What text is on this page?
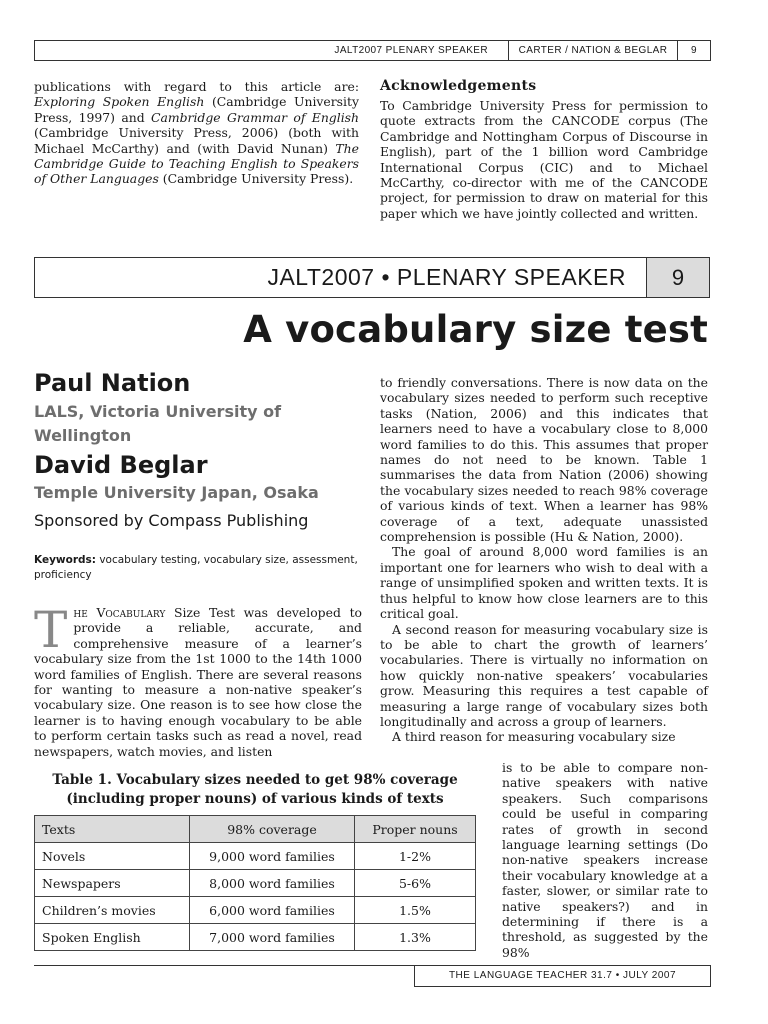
JALT2007 PLENARY SPEAKER	CARTER / NATION & BEGLAR	9

publications with regard to this article are: Exploring Spoken English (Cambridge University Press, 1997) and Cambridge Grammar of English (Cambridge University Press, 2006) (both with Michael McCarthy) and (with David Nunan) The Cambridge Guide to Teaching English to Speakers of Other Languages (Cambridge University Press).

Acknowledgements

To Cambridge University Press for permission to quote extracts from the CANCODE corpus (The Cambridge and Nottingham Corpus of Discourse in English), part of the 1 billion word Cambridge International Corpus (CIC) and to Michael McCarthy, co-director with me of the CANCODE project, for permission to draw on material for this paper which we have jointly collected and written.

JALT2007 • PLENARY SPEAKER	9
A vocabulary size test
Paul Nation
LALS, Victoria University of Wellington
David Beglar
Temple University Japan, Osaka
Sponsored by Compass Publishing
Keywords: vocabulary testing, vocabulary size, assessment, proficiency

The Vocabulary Size Test was developed to provide a reliable, accurate, and comprehensive measure of a learner’s vocabulary size from the 1st 1000 to the 14th 1000 word families of English. There are several reasons for wanting to measure a non-native speaker’s vocabulary size. One reason is to see how close the learner is to having enough vocabulary to be able to perform certain tasks such as read a novel, read newspapers, watch movies, and listen

to friendly conversations. There is now data on the vocabulary sizes needed to perform such receptive tasks (Nation, 2006) and this indicates that learners need to have a vocabulary close to 8,000 word families to do this. This assumes that proper names do not need to be known. Table 1 summarises the data from Nation (2006) showing the vocabulary sizes needed to reach 98% coverage of various kinds of text. When a learner has 98% coverage of a text, adequate unassisted comprehension is possible (Hu & Nation, 2000).

The goal of around 8,000 word families is an important one for learners who wish to deal with a range of unsimplified spoken and written texts. It is thus helpful to know how close learners are to this critical goal.

A second reason for measuring vocabulary size is to be able to chart the growth of learners’ vocabularies. There is virtually no information on how quickly non-native speakers’ vocabularies grow. Measuring this requires a test capable of measuring a large range of vocabulary sizes both longitudinally and across a group of learners.

A third reason for measuring vocabulary size

is to be able to compare non-native speakers with native speakers. Such comparisons could be useful in comparing rates of growth in second language learning settings (Do non-native speakers increase their vocabulary knowledge at a faster, slower, or similar rate to native speakers?) and in determining if there is a threshold, as suggested by the 98%

Table 1. Vocabulary sizes needed to get 98% coverage
(including proper nouns) of various kinds of texts
Texts	98% coverage	Proper nouns
Novels	9,000 word families	1-2%
Newspapers	8,000 word families	5-6%
Children’s movies	6,000 word families	1.5%
Spoken English	7,000 word families	1.3%
THE LANGUAGE TEACHER 31.7 • JULY 2007
